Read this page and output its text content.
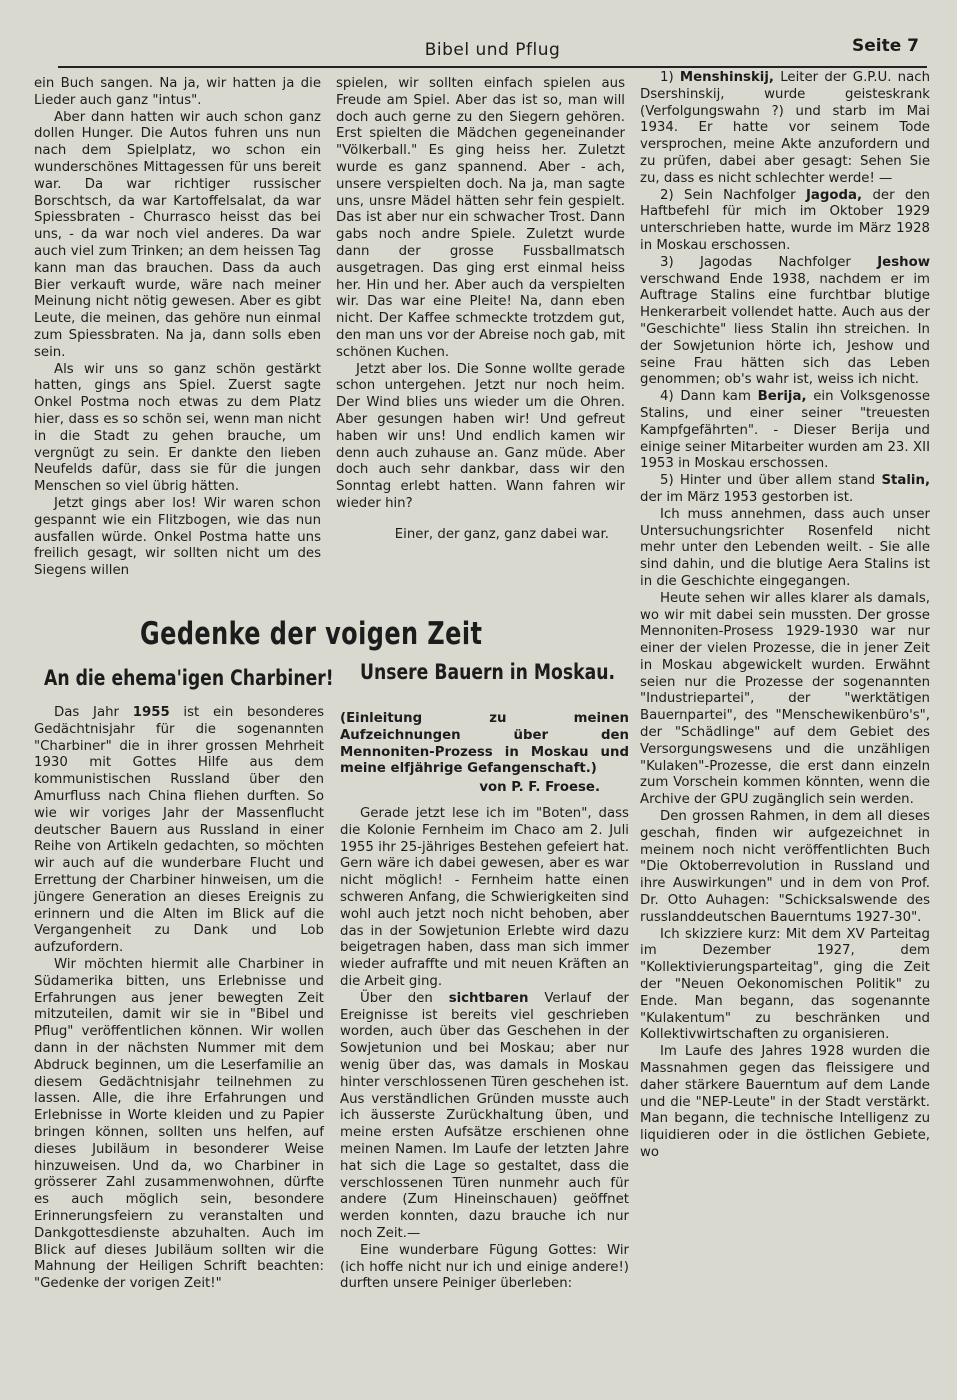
Bibel und Pflug	Seite 7

ein Buch sangen. Na ja, wir hatten ja die Lieder auch ganz "intus".

Aber dann hatten wir auch schon ganz dollen Hunger. Die Autos fuhren uns nun nach dem Spielplatz, wo schon ein wunderschönes Mittagessen für uns bereit war. Da war richtiger russischer Borschtsch, da war Kartoffelsalat, da war Spiessbraten - Churrasco heisst das bei uns, - da war noch viel anderes. Da war auch viel zum Trinken; an dem heissen Tag kann man das brauchen. Dass da auch Bier verkauft wurde, wäre nach meiner Meinung nicht nötig gewesen. Aber es gibt Leute, die meinen, das gehöre nun einmal zum Spiessbraten. Na ja, dann solls eben sein.

Als wir uns so ganz schön gestärkt hatten, gings ans Spiel. Zuerst sagte Onkel Postma noch etwas zu dem Platz hier, dass es so schön sei, wenn man nicht in die Stadt zu gehen brauche, um vergnügt zu sein. Er dankte den lieben Neufelds dafür, dass sie für die jungen Menschen so viel übrig hätten.

Jetzt gings aber los! Wir waren schon gespannt wie ein Flitzbogen, wie das nun ausfallen würde. Onkel Postma hatte uns freilich gesagt, wir sollten nicht um des Siegens willen

spielen, wir sollten einfach spielen aus Freude am Spiel. Aber das ist so, man will doch auch gerne zu den Siegern gehören. Erst spielten die Mädchen gegeneinander "Völkerball." Es ging heiss her. Zuletzt wurde es ganz spannend. Aber - ach, unsere verspielten doch. Na ja, man sagte uns, unsre Mädel hätten sehr fein gespielt. Das ist aber nur ein schwacher Trost. Dann gabs noch andre Spiele. Zuletzt wurde dann der grosse Fussballmatsch ausgetragen. Das ging erst einmal heiss her. Hin und her. Aber auch da verspielten wir. Das war eine Pleite! Na, dann eben nicht. Der Kaffee schmeckte trotzdem gut, den man uns vor der Abreise noch gab, mit schönen Kuchen.

Jetzt aber los. Die Sonne wollte gerade schon untergehen. Jetzt nur noch heim. Der Wind blies uns wieder um die Ohren. Aber gesungen haben wir! Und gefreut haben wir uns! Und endlich kamen wir denn auch zuhause an. Ganz müde. Aber doch auch sehr dankbar, dass wir den Sonntag erlebt hatten. Wann fahren wir wieder hin?

Einer, der ganz, ganz dabei war.

1) Menshinskij, Leiter der G.P.U. nach Dsershinskij, wurde geisteskrank (Verfolgungswahn ?) und starb im Mai 1934. Er hatte vor seinem Tode versprochen, meine Akte anzufordern und zu prüfen, dabei aber gesagt: Sehen Sie zu, dass es nicht schlechter werde! —

2) Sein Nachfolger Jagoda, der den Haftbefehl für mich im Oktober 1929 unterschrieben hatte, wurde im März 1928 in Moskau erschossen.

3) Jagodas Nachfolger Jeshow verschwand Ende 1938, nachdem er im Auftrage Stalins eine furchtbar blutige Henkerarbeit vollendet hatte. Auch aus der "Geschichte" liess Stalin ihn streichen. In der Sowjetunion hörte ich, Jeshow und seine Frau hätten sich das Leben genommen; ob's wahr ist, weiss ich nicht.

4) Dann kam Berija, ein Volksgenosse Stalins, und einer seiner "treuesten Kampfgefährten". - Dieser Berija und einige seiner Mitarbeiter wurden am 23. XII 1953 in Moskau erschossen.

5) Hinter und über allem stand Stalin, der im März 1953 gestorben ist.

Ich muss annehmen, dass auch unser Untersuchungsrichter Rosenfeld nicht mehr unter den Lebenden weilt. - Sie alle sind dahin, und die blutige Aera Stalins ist in die Geschichte eingegangen.

Heute sehen wir alles klarer als damals, wo wir mit dabei sein mussten. Der grosse Mennoniten-Prosess 1929-1930 war nur einer der vielen Prozesse, die in jener Zeit in Moskau abgewickelt wurden. Erwähnt seien nur die Prozesse der sogenannten "Industriepartei", der "werktätigen Bauernpartei", des "Menschewikenbüro's", der "Schädlinge" auf dem Gebiet des Versorgungswesens und die unzähligen "Kulaken"-Prozesse, die erst dann einzeln zum Vorschein kommen könnten, wenn die Archive der GPU zugänglich sein werden.

Den grossen Rahmen, in dem all dieses geschah, finden wir aufgezeichnet in meinem noch nicht veröffentlichten Buch "Die Oktoberrevolution in Russland und ihre Auswirkungen" und in dem von Prof. Dr. Otto Auhagen: "Schicksalswende des russlanddeutschen Bauerntums 1927-30".

Ich skizziere kurz: Mit dem XV Parteitag im Dezember 1927, dem "Kollektivierungsparteitag", ging die Zeit der "Neuen Oekonomischen Politik" zu Ende. Man begann, das sogenannte "Kulakentum" zu beschränken und Kollektivwirtschaften zu organisieren.

Im Laufe des Jahres 1928 wurden die Massnahmen gegen das fleissigere und daher stärkere Bauerntum auf dem Lande und die "NEP-Leute" in der Stadt verstärkt. Man begann, die technische Intelligenz zu liquidieren oder in die östlichen Gebiete, wo

Gedenke der voigen Zeit
An die ehema'igen Charbiner!

Das Jahr 1955 ist ein besonderes Gedächtnisjahr für die sogenannten "Charbiner" die in ihrer grossen Mehrheit 1930 mit Gottes Hilfe aus dem kommunistischen Russland über den Amurfluss nach China fliehen durften. So wie wir voriges Jahr der Massenflucht deutscher Bauern aus Russland in einer Reihe von Artikeln gedachten, so möchten wir auch auf die wunderbare Flucht und Errettung der Charbiner hinweisen, um die jüngere Generation an dieses Ereignis zu erinnern und die Alten im Blick auf die Vergangenheit zu Dank und Lob aufzufordern.

Wir möchten hiermit alle Charbiner in Südamerika bitten, uns Erlebnisse und Erfahrungen aus jener bewegten Zeit mitzuteilen, damit wir sie in "Bibel und Pflug" veröffentlichen können. Wir wollen dann in der nächsten Nummer mit dem Abdruck beginnen, um die Leserfamilie an diesem Gedächtnisjahr teilnehmen zu lassen. Alle, die ihre Erfahrungen und Erlebnisse in Worte kleiden und zu Papier bringen können, sollten uns helfen, auf dieses Jubiläum in besonderer Weise hinzuweisen. Und da, wo Charbiner in grösserer Zahl zusammenwohnen, dürfte es auch möglich sein, besondere Erinnerungsfeiern zu veranstalten und Dankgottesdienste abzuhalten. Auch im Blick auf dieses Jubiläum sollten wir die Mahnung der Heiligen Schrift beachten: "Gedenke der vorigen Zeit!"

Unsere Bauern in Moskau.
(Einleitung zu meinen Aufzeichnungen über den Mennoniten-Prozess in Moskau und meine elfjährige Gefangenschaft.)
von P. F. Froese.

Gerade jetzt lese ich im "Boten", dass die Kolonie Fernheim im Chaco am 2. Juli 1955 ihr 25-jähriges Bestehen gefeiert hat. Gern wäre ich dabei gewesen, aber es war nicht möglich! - Fernheim hatte einen schweren Anfang, die Schwierigkeiten sind wohl auch jetzt noch nicht behoben, aber das in der Sowjetunion Erlebte wird dazu beigetragen haben, dass man sich immer wieder aufraffte und mit neuen Kräften an die Arbeit ging.

Über den sichtbaren Verlauf der Ereignisse ist bereits viel geschrieben worden, auch über das Geschehen in der Sowjetunion und bei Moskau; aber nur wenig über das, was damals in Moskau hinter verschlossenen Türen geschehen ist. Aus verständlichen Gründen musste auch ich äusserste Zurückhaltung üben, und meine ersten Aufsätze erschienen ohne meinen Namen. Im Laufe der letzten Jahre hat sich die Lage so gestaltet, dass die verschlossenen Türen nunmehr auch für andere (Zum Hineinschauen) geöffnet werden konnten, dazu brauche ich nur noch Zeit.—

Eine wunderbare Fügung Gottes: Wir (ich hoffe nicht nur ich und einige andere!) durften unsere Peiniger überleben:
